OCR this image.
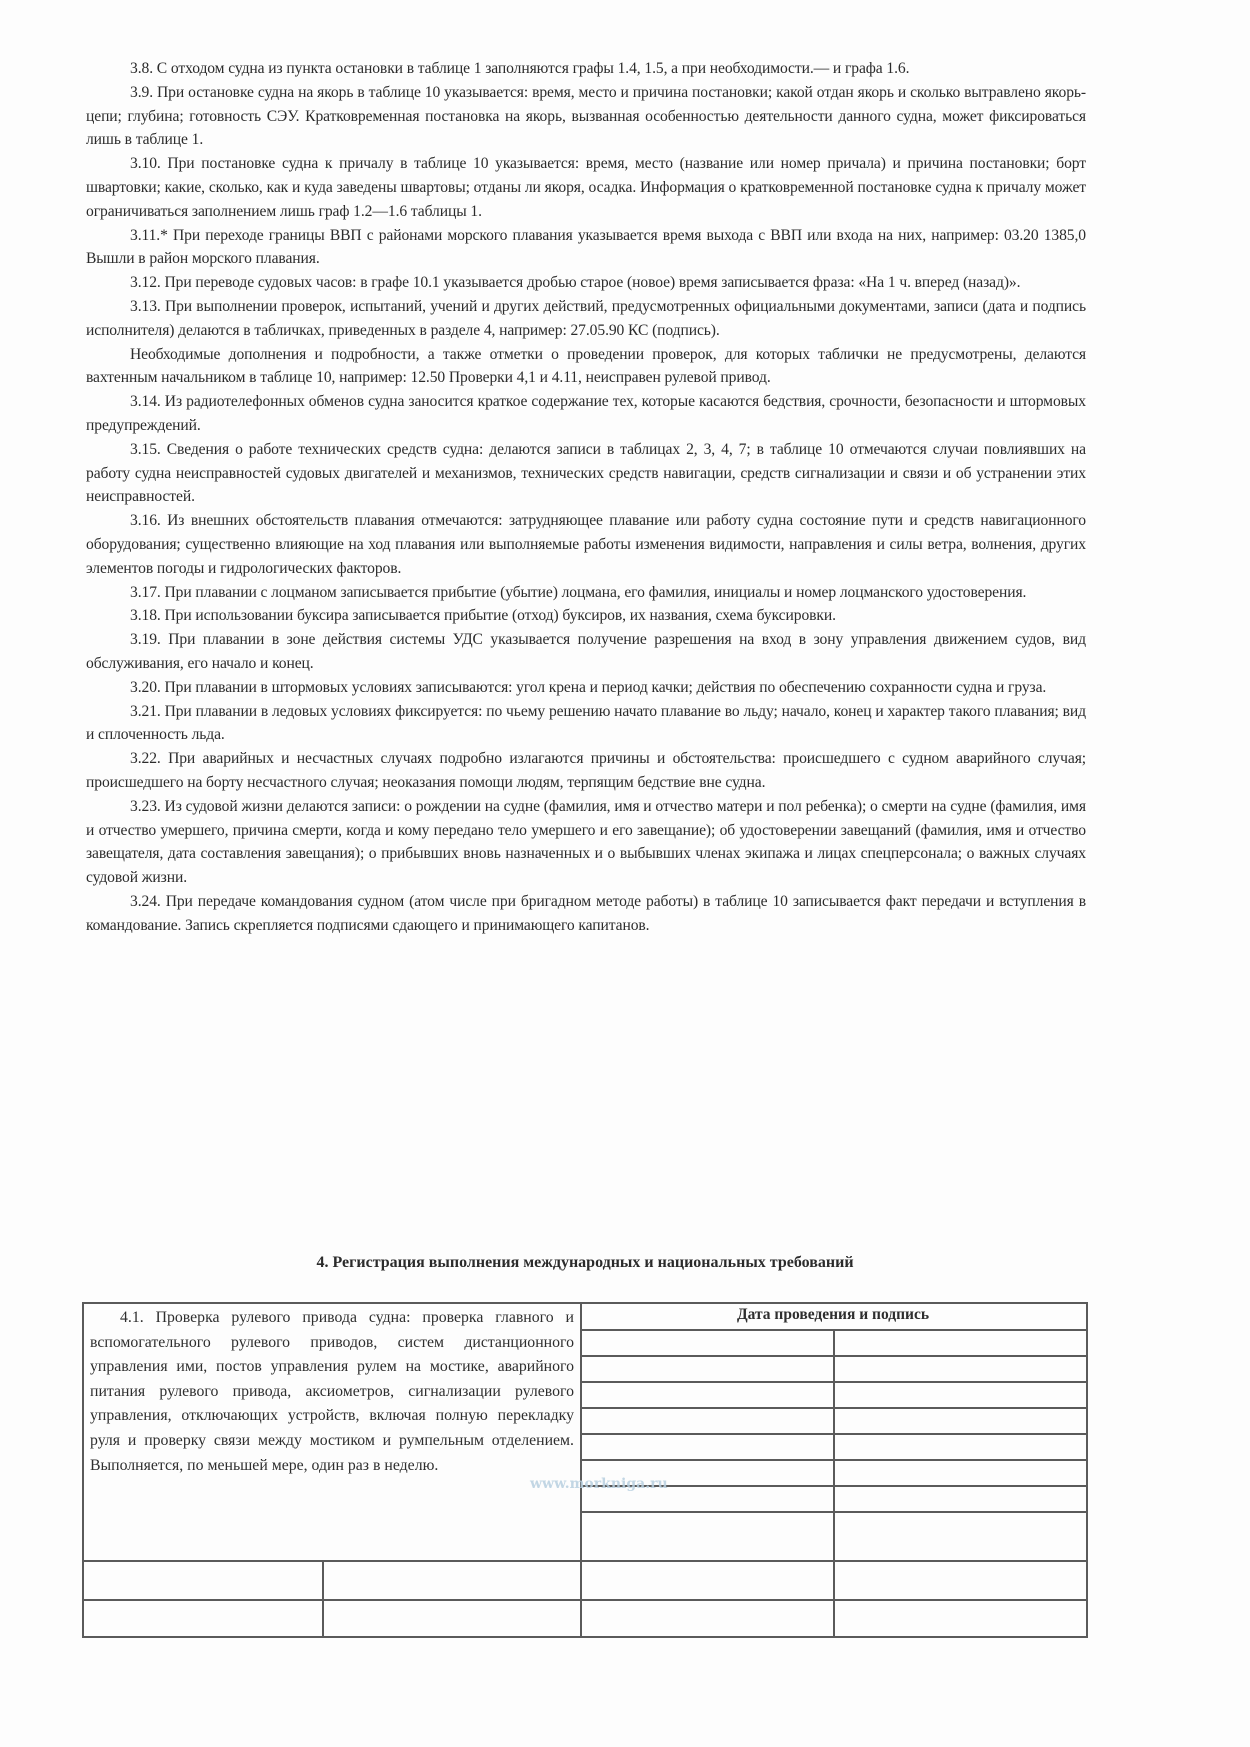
3.8. С отходом судна из пункта остановки в таблице 1 заполняются графы 1.4, 1.5, а при необходимости.— и графа 1.6.

3.9. При остановке судна на якорь в таблице 10 указывается: время, место и причина постановки; какой отдан якорь и сколько вытравлено якорь-цепи; глубина; готовность СЭУ. Кратковременная постановка на якорь, вызванная особенностью деятельности данного судна, может фиксироваться лишь в таблице 1.

3.10. При постановке судна к причалу в таблице 10 указывается: время, место (название или номер причала) и причина постановки; борт швартовки; какие, сколько, как и куда заведены швартовы; отданы ли якоря, осадка. Информация о кратковременной постановке судна к причалу может ограничиваться заполнением лишь граф 1.2—1.6 таблицы 1.

3.11.* При переходе границы ВВП с районами морского плавания указывается время выхода с ВВП или входа на них, например: 03.20 1385,0 Вышли в район морского плавания.

3.12. При переводе судовых часов: в графе 10.1 указывается дробью старое (новое) время записывается фраза: «На 1 ч. вперед (назад)».

3.13. При выполнении проверок, испытаний, учений и других действий, предусмотренных официальными документами, записи (дата и подпись исполнителя) делаются в табличках, приведенных в разделе 4, например: 27.05.90 КС (подпись).

Необходимые дополнения и подробности, а также отметки о проведении проверок, для которых таблички не предусмотрены, делаются вахтенным начальником в таблице 10, например: 12.50 Проверки 4,1 и 4.11, неисправен рулевой привод.

3.14. Из радиотелефонных обменов судна заносится краткое содержание тех, которые касаются бедствия, срочности, безопасности и штормовых предупреждений.

3.15. Сведения о работе технических средств судна: делаются записи в таблицах 2, 3, 4, 7; в таблице 10 отмечаются случаи повлиявших на работу судна неисправностей судовых двигателей и механизмов, технических средств навигации, средств сигнализации и связи и об устранении этих неисправностей.

3.16. Из внешних обстоятельств плавания отмечаются: затрудняющее плавание или работу судна состояние пути и средств навигационного оборудования; существенно влияющие на ход плавания или выполняемые работы изменения видимости, направления и силы ветра, волнения, других элементов погоды и гидрологических факторов.

3.17. При плавании с лоцманом записывается прибытие (убытие) лоцмана, его фамилия, инициалы и номер лоцманского удостоверения.

3.18. При использовании буксира записывается прибытие (отход) буксиров, их названия, схема буксировки.

3.19. При плавании в зоне действия системы УДС указывается получение разрешения на вход в зону управления движением судов, вид обслуживания, его начало и конец.

3.20. При плавании в штормовых условиях записываются: угол крена и период качки; действия по обеспечению сохранности судна и груза.

3.21. При плавании в ледовых условиях фиксируется: по чьему решению начато плавание во льду; начало, конец и характер такого плавания; вид и сплоченность льда.

3.22. При аварийных и несчастных случаях подробно излагаются причины и обстоятельства: происшедшего с судном аварийного случая; происшедшего на борту несчастного случая; неоказания помощи людям, терпящим бедствие вне судна.

3.23. Из судовой жизни делаются записи: о рождении на судне (фамилия, имя и отчество матери и пол ребенка); о смерти на судне (фамилия, имя и отчество умершего, причина смерти, когда и кому передано тело умершего и его завещание); об удостоверении завещаний (фамилия, имя и отчество завещателя, дата составления завещания); о прибывших вновь назначенных и о выбывших членах экипажа и лицах спецперсонала; о важных случаях судовой жизни.

3.24. При передаче командования судном (атом числе при бригадном методе работы) в таблице 10 записывается факт передачи и вступления в командование. Запись скрепляется подписями сдающего и принимающего капитанов.

4. Регистрация выполнения международных и национальных требований

4.1. Проверка рулевого привода судна: проверка главного и вспомогательного рулевого приводов, систем дистанционного управления ими, постов управления рулем на мостике, аварийного питания рулевого привода, аксиометров, сигнализации рулевого управления, отключающих устройств, включая полную перекладку руля и проверку связи между мостиком и румпельным отделением. Выполняется, по меньшей мере, один раз в неделю.

Дата проведения и подпись
www.morkniga.ru
